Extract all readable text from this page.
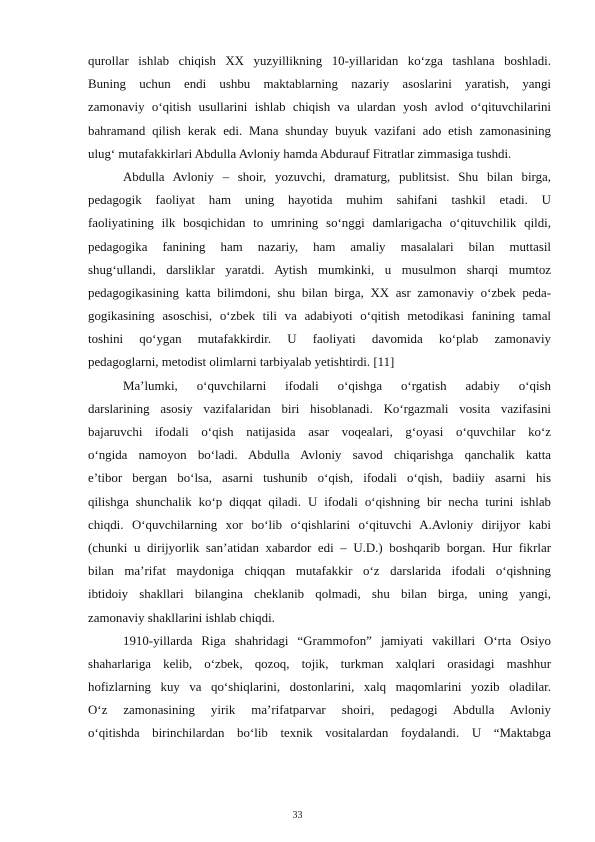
qurollar ishlab chiqish XX yuzyillikning 10-yillaridan ko‘zga tashlana boshladi.
Buning uchun endi ushbu maktablarning nazariy asoslarini yaratish, yangi
zamonaviy o‘qitish usullarini ishlab chiqish va ulardan yosh avlod o‘qituvchilarini
bahramand qilish kerak edi. Mana shunday buyuk vazifani ado etish zamonasining
ulug‘ mutafakkirlari Abdulla Avloniy hamda Abdurauf Fitratlar zimmasiga tushdi.
Abdulla Avloniy – shoir, yozuvchi, dramaturg, publitsist. Shu bilan birga,
pedagogik faoliyat ham uning hayotida muhim sahifani tashkil etadi. U
faoliyatining ilk bosqichidan to umrining so‘nggi damlarigacha o‘qituvchilik qildi,
pedagogika fanining ham nazariy, ham amaliy masalalari bilan muttasil
shug‘ullandi, darsliklar yaratdi. Aytish mumkinki, u musulmon sharqi mumtoz
pedagogikasining katta bilimdoni, shu bilan birga, XX asr zamonaviy o‘zbek peda-
gogikasining asoschisi, o‘zbek tili va adabiyoti o‘qitish metodikasi fanining tamal
toshini qo‘ygan mutafakkirdir. U faoliyati davomida ko‘plab zamonaviy
pedagoglarni, metodist olimlarni tarbiyalab yetishtirdi. [11]
Ma’lumki, o‘quvchilarni ifodali o‘qishga o‘rgatish adabiy o‘qish
darslarining asosiy vazifalaridan biri hisoblanadi. Ko‘rgazmali vosita vazifasini
bajaruvchi ifodali o‘qish natijasida asar voqealari, g‘oyasi o‘quvchilar ko‘z
o‘ngida namoyon bo‘ladi. Abdulla Avloniy savod chiqarishga qanchalik katta
e’tibor bergan bo‘lsa, asarni tushunib o‘qish, ifodali o‘qish, badiiy asarni his
qilishga shunchalik ko‘p diqqat qiladi. U ifodali o‘qishning bir necha turini ishlab
chiqdi. O‘quvchilarning xor bo‘lib o‘qishlarini o‘qituvchi A.Avloniy dirijyor kabi
(chunki u dirijyorlik san’atidan xabardor edi – U.D.) boshqarib borgan. Hur fikrlar
bilan ma’rifat maydoniga chiqqan mutafakkir o‘z darslarida ifodali o‘qishning
ibtidoiy shakllari bilangina cheklanib qolmadi, shu bilan birga, uning yangi,
zamonaviy shakllarini ishlab chiqdi.
1910-yillarda Riga shahridagi “Grammofon” jamiyati vakillari O‘rta Osiyo
shaharlariga kelib, o‘zbek, qozoq, tojik, turkman xalqlari orasidagi mashhur
hofizlarning kuy va qo‘shiqlarini, dostonlarini, xalq maqomlarini yozib oladilar.
O‘z zamonasining yirik ma’rifatparvar shoiri, pedagogi Abdulla Avloniy
o‘qitishda birinchilardan bo‘lib texnik vositalardan foydalandi. U “Maktabga
33
